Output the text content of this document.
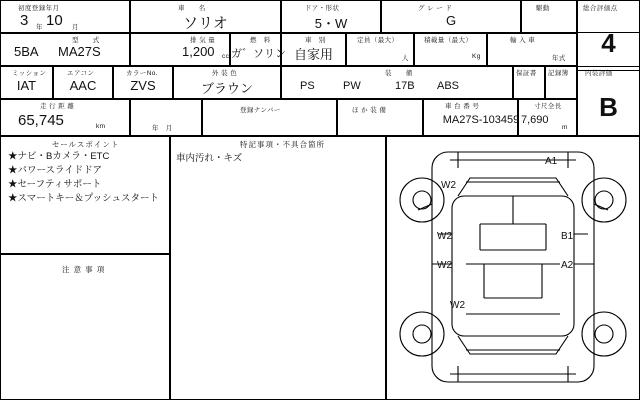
初度登録年月
3 年 10 月
車　　名
ソリオ
ドア・形状
5・W
グ レ ー ド
G
駆動	総合評価点
4
型　　式
5BA MA27S
排 気 量
1,200 cc
燃　料
ガ゛ソリン
車　別
自家用
定員（最大）
人
積載量（最大）
Kg
輸 入 車
年式
ミッション
IAT
エアコン
AAC
カラーNo.
ZVS
外 装 色
ブラウン
装　　備
PS	PW	17B ABS
保証書 記録簿	内装評価
B
走 行 距 離
65,745	km	年　月
登録ナンバー	ほ か 装 備
車 台 番 号
MA27S-103459
寸尺全長
7,690
m
セールスポイント
★ナビ・Bカメラ・ETC
★パワースライドドア
★セーフティサポート
★スマートキー＆プッシュスタート
注 意 事 項
特記事項・不具合箇所
車内汚れ・キズ	A1
W2
W2	B1
W2	A2
W2
